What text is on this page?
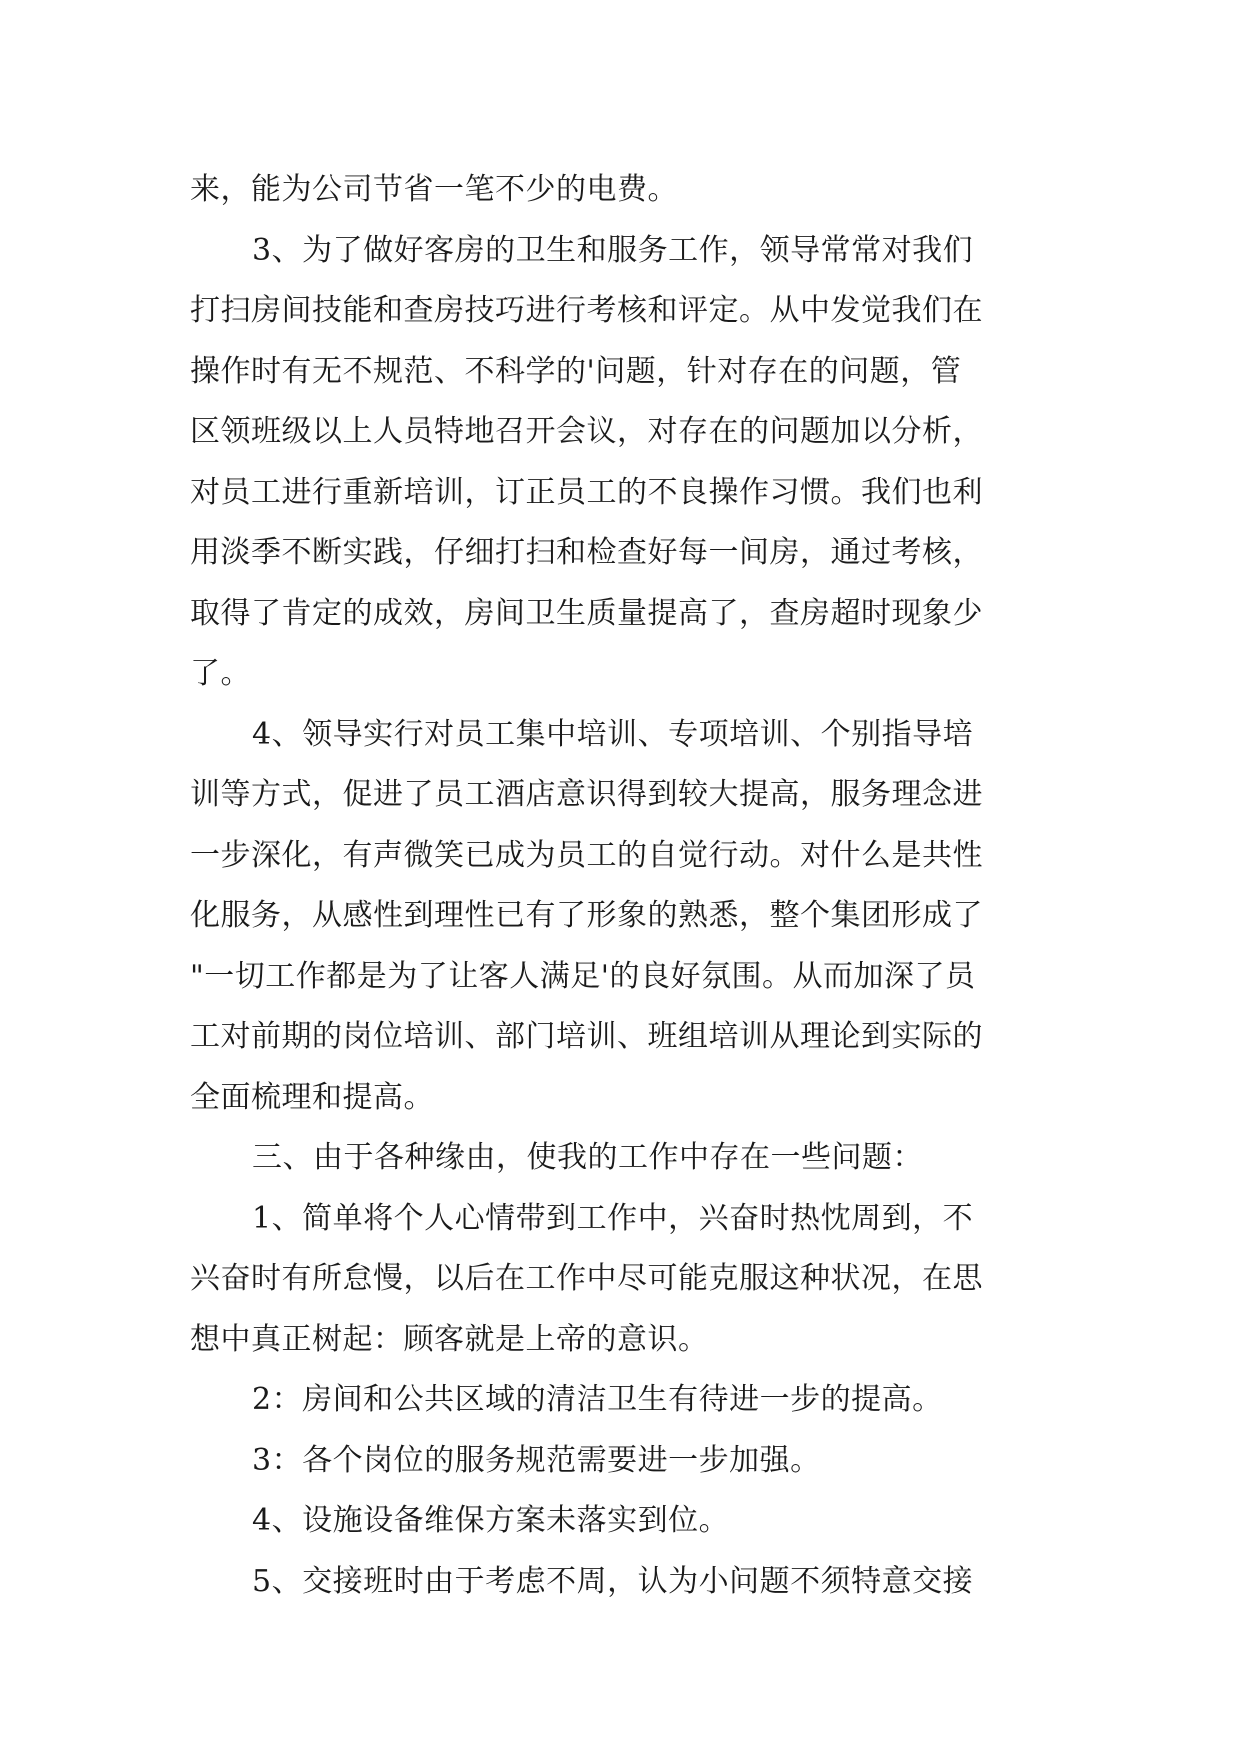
来，能为公司节省一笔不少的电费。
3、为了做好客房的卫生和服务工作，领导常常对我们
打扫房间技能和查房技巧进行考核和评定。从中发觉我们在
操作时有无不规范、不科学的'问题，针对存在的问题，管
区领班级以上人员特地召开会议，对存在的问题加以分析，
对员工进行重新培训，订正员工的不良操作习惯。我们也利
用淡季不断实践，仔细打扫和检查好每一间房，通过考核，
取得了肯定的成效，房间卫生质量提高了，查房超时现象少
了。
4、领导实行对员工集中培训、专项培训、个别指导培
训等方式，促进了员工酒店意识得到较大提高，服务理念进
一步深化，有声微笑已成为员工的自觉行动。对什么是共性
化服务，从感性到理性已有了形象的熟悉，整个集团形成了
"一切工作都是为了让客人满足'的良好氛围。从而加深了员
工对前期的岗位培训、部门培训、班组培训从理论到实际的
全面梳理和提高。
三、由于各种缘由，使我的工作中存在一些问题：
1、简单将个人心情带到工作中，兴奋时热忱周到，不
兴奋时有所怠慢，以后在工作中尽可能克服这种状况，在思
想中真正树起：顾客就是上帝的意识。
2：房间和公共区域的清洁卫生有待进一步的提高。
3：各个岗位的服务规范需要进一步加强。
4、设施设备维保方案未落实到位。
5、交接班时由于考虑不周，认为小问题不须特意交接
